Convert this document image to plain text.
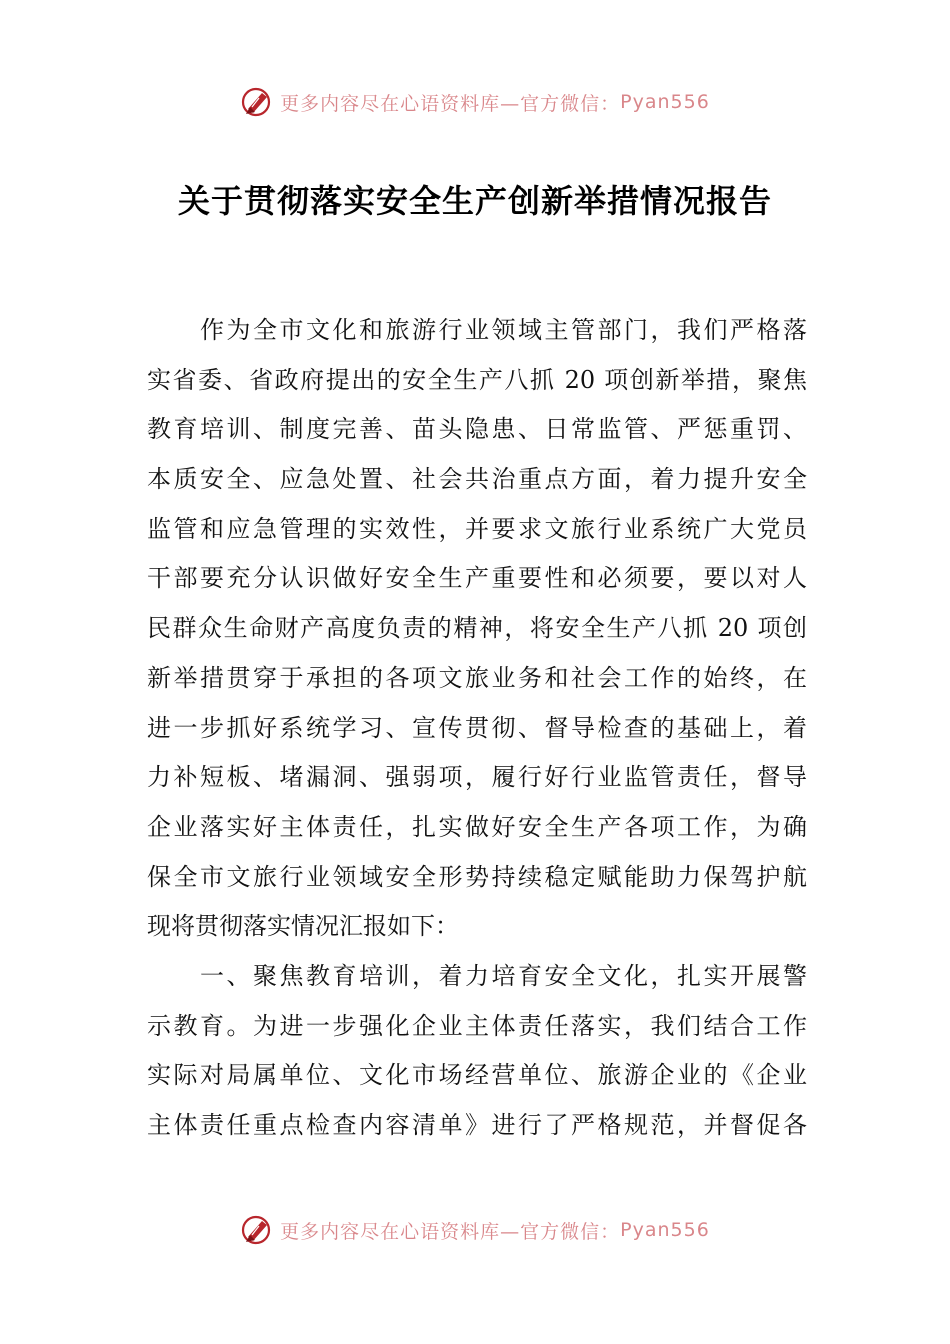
更多内容尽在心语资料库—官方微信： Pyan556
关于贯彻落实安全生产创新举措情况报告
　　作为全市文化和旅游行业领域主管部门，我们严格落
实省委、省政府提出的安全生产八抓 20 项创新举措，聚焦
教育培训、制度完善、苗头隐患、日常监管、严惩重罚、
本质安全、应急处置、社会共治重点方面，着力提升安全
监管和应急管理的实效性，并要求文旅行业系统广大党员
干部要充分认识做好安全生产重要性和必须要，要以对人
民群众生命财产高度负责的精神，将安全生产八抓 20 项创
新举措贯穿于承担的各项文旅业务和社会工作的始终，在
进一步抓好系统学习、宣传贯彻、督导检查的基础上，着
力补短板、堵漏洞、强弱项，履行好行业监管责任，督导
企业落实好主体责任，扎实做好安全生产各项工作，为确
保全市文旅行业领域安全形势持续稳定赋能助力保驾护航
现将贯彻落实情况汇报如下：
　　一、聚焦教育培训，着力培育安全文化，扎实开展警
示教育。为进一步强化企业主体责任落实，我们结合工作
实际对局属单位、文化市场经营单位、旅游企业的《企业
主体责任重点检查内容清单》进行了严格规范，并督促各
更多内容尽在心语资料库—官方微信： Pyan556
